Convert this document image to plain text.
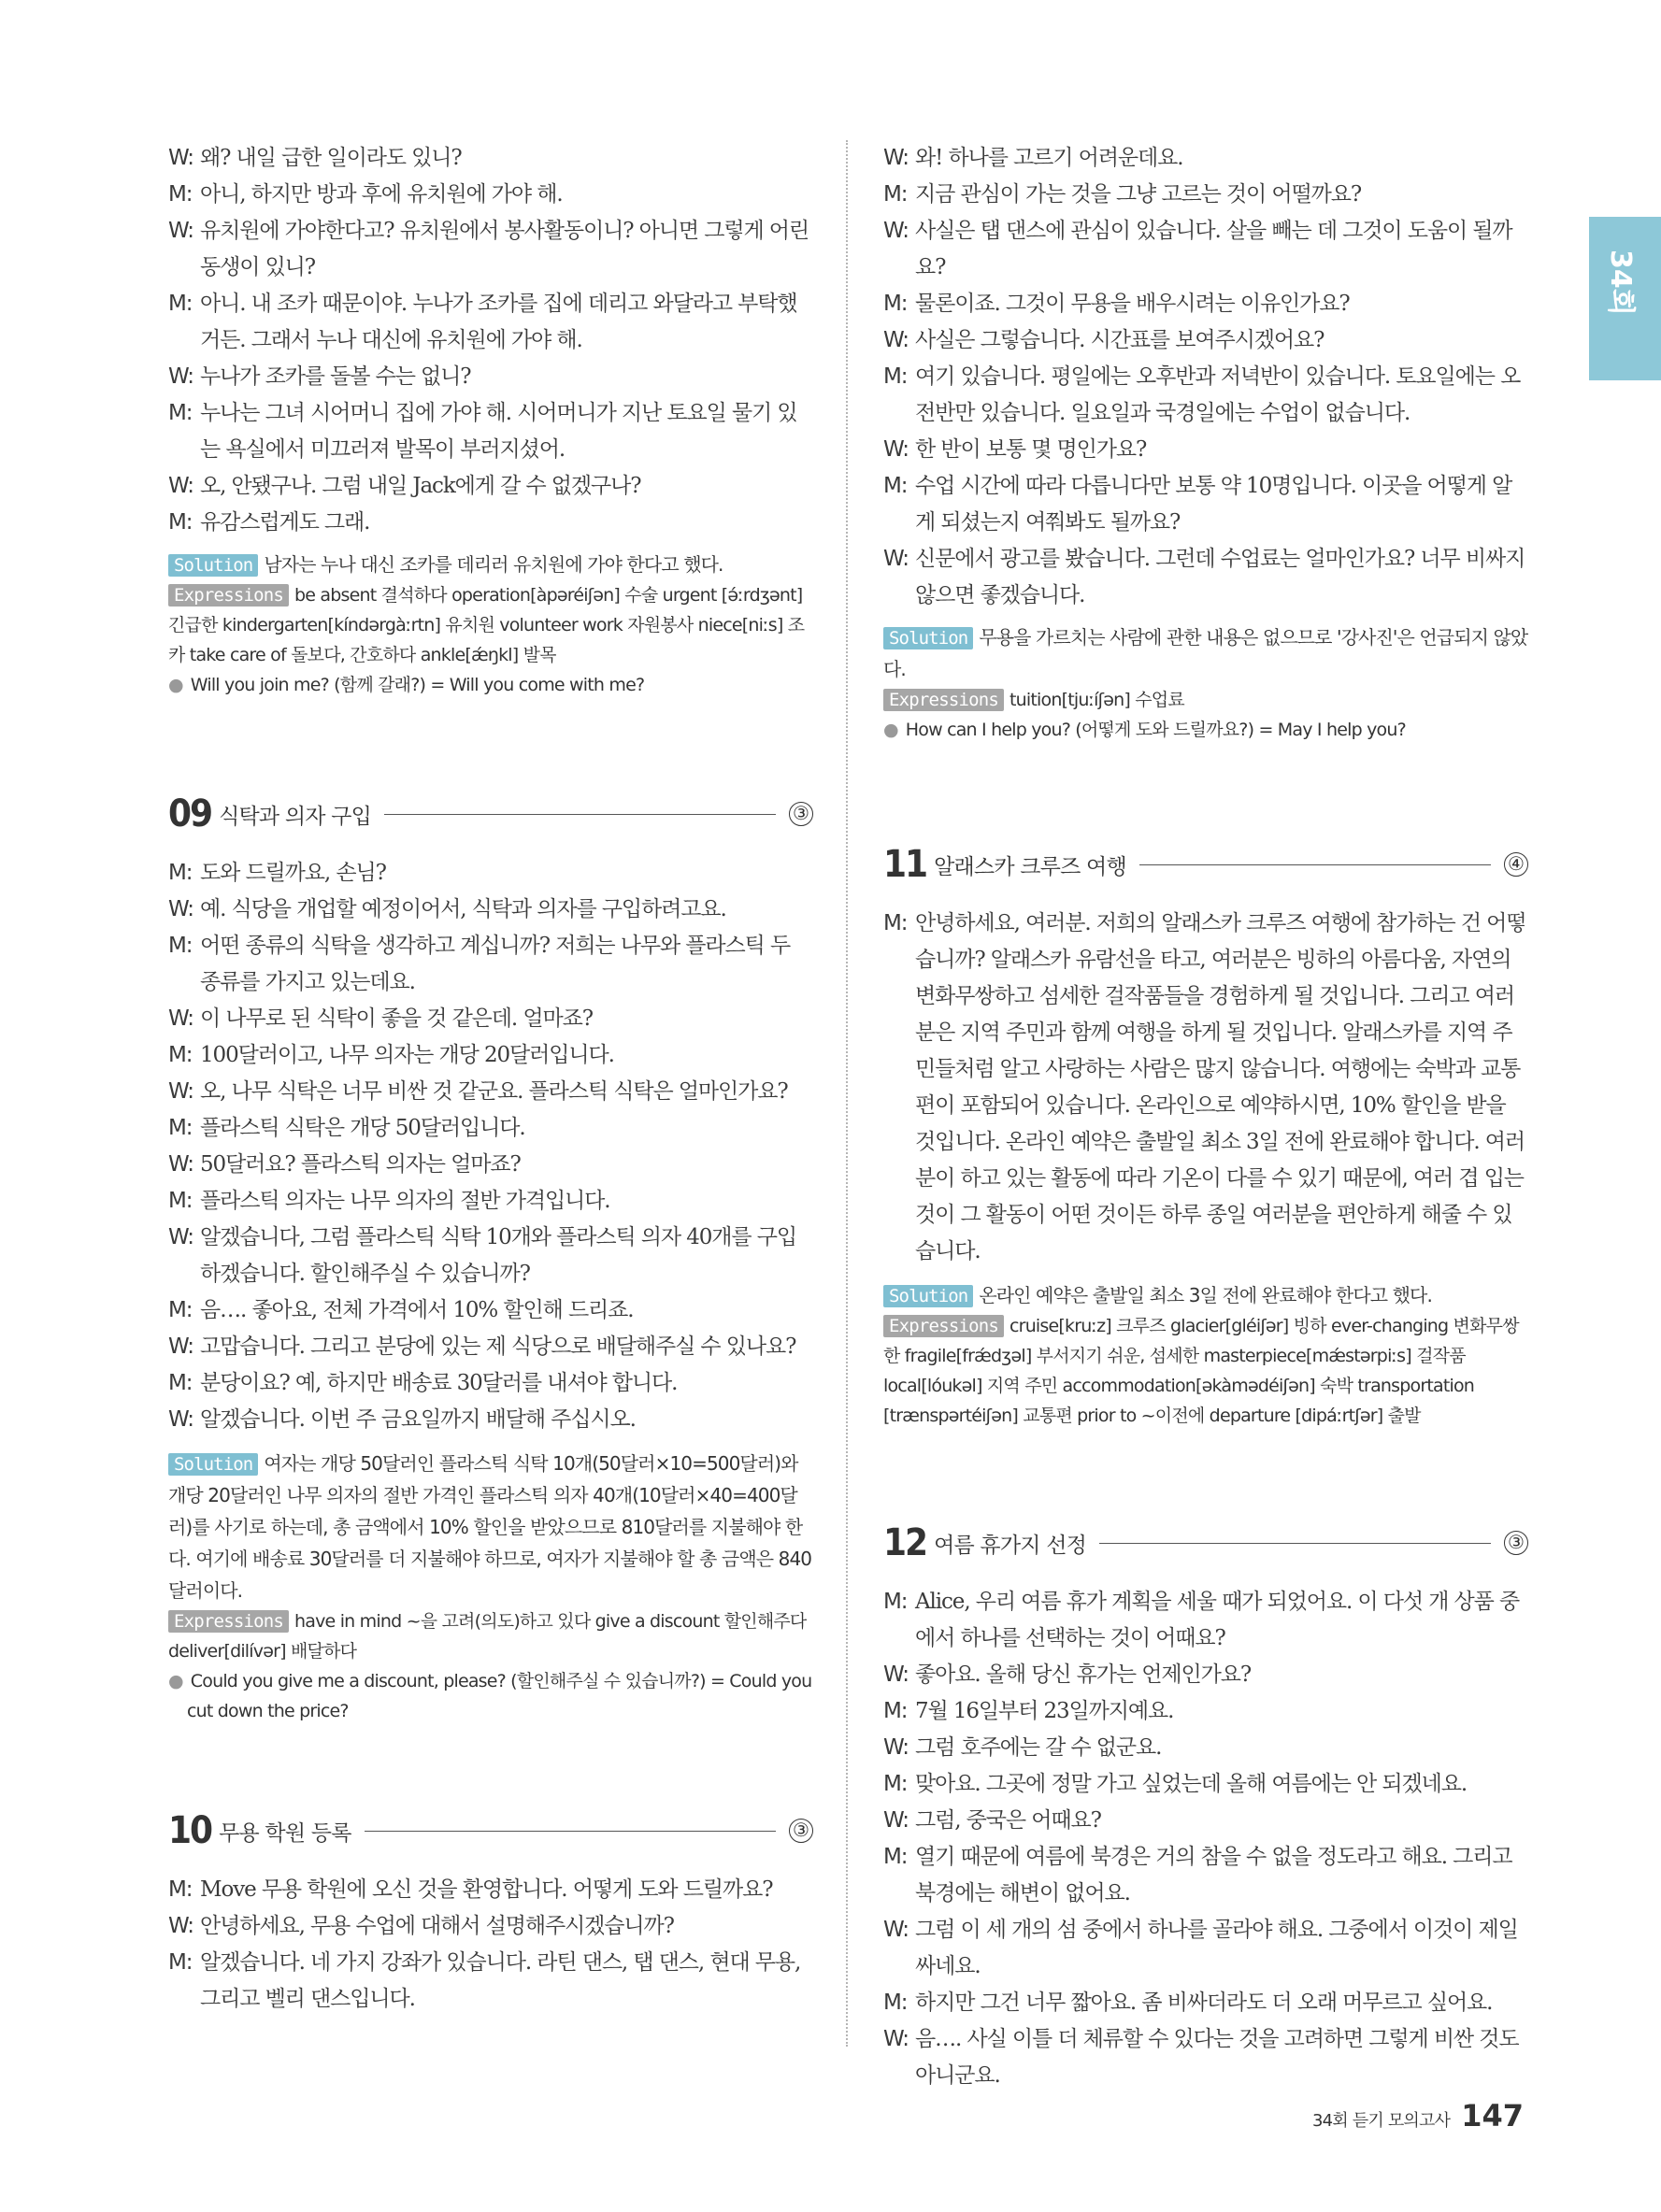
34회
W: 왜? 내일 급한 일이라도 있니?
M: 아니, 하지만 방과 후에 유치원에 가야 해.
W: 유치원에 가야한다고? 유치원에서 봉사활동이니? 아니면 그렇게 어린 동생이 있니?
M: 아니. 내 조카 때문이야. 누나가 조카를 집에 데리고 와달라고 부탁했거든. 그래서 누나 대신에 유치원에 가야 해.
W: 누나가 조카를 돌볼 수는 없니?
M: 누나는 그녀 시어머니 집에 가야 해. 시어머니가 지난 토요일 물기 있는 욕실에서 미끄러져 발목이 부러지셨어.
W: 오, 안됐구나. 그럼 내일 Jack에게 갈 수 없겠구나?
M: 유감스럽게도 그래.
Solution 남자는 누나 대신 조카를 데리러 유치원에 가야 한다고 했다.
Expressions be absent 결석하다 operation[àpəréiʃən] 수술 urgent [ə́ːrdʒənt] 긴급한 kindergarten[kíndərgàːrtn] 유치원 volunteer work 자원봉사 niece[niːs] 조카 take care of 돌보다, 간호하다 ankle[ǽŋkl] 발목
● Will you join me? (함께 갈래?) = Will you come with me?
09 식탁과 의자 구입	③
M: 도와 드릴까요, 손님?
W: 예. 식당을 개업할 예정이어서, 식탁과 의자를 구입하려고요.
M: 어떤 종류의 식탁을 생각하고 계십니까? 저희는 나무와 플라스틱 두 종류를 가지고 있는데요.
W: 이 나무로 된 식탁이 좋을 것 같은데. 얼마죠?
M: 100달러이고, 나무 의자는 개당 20달러입니다.
W: 오, 나무 식탁은 너무 비싼 것 같군요. 플라스틱 식탁은 얼마인가요?
M: 플라스틱 식탁은 개당 50달러입니다.
W: 50달러요? 플라스틱 의자는 얼마죠?
M: 플라스틱 의자는 나무 의자의 절반 가격입니다.
W: 알겠습니다, 그럼 플라스틱 식탁 10개와 플라스틱 의자 40개를 구입하겠습니다. 할인해주실 수 있습니까?
M: 음…. 좋아요, 전체 가격에서 10% 할인해 드리죠.
W: 고맙습니다. 그리고 분당에 있는 제 식당으로 배달해주실 수 있나요?
M: 분당이요? 예, 하지만 배송료 30달러를 내셔야 합니다.
W: 알겠습니다. 이번 주 금요일까지 배달해 주십시오.
Solution 여자는 개당 50달러인 플라스틱 식탁 10개(50달러×10=500달러)와 개당 20달러인 나무 의자의 절반 가격인 플라스틱 의자 40개(10달러×40=400달러)를 사기로 하는데, 총 금액에서 10% 할인을 받았으므로 810달러를 지불해야 한다. 여기에 배송료 30달러를 더 지불해야 하므로, 여자가 지불해야 할 총 금액은 840달러이다.
Expressions have in mind ~을 고려(의도)하고 있다 give a discount 할인해주다 deliver[dilívər] 배달하다
● Could you give me a discount, please? (할인해주실 수 있습니까?) = Could you cut down the price?
10 무용 학원 등록	③
M: Move 무용 학원에 오신 것을 환영합니다. 어떻게 도와 드릴까요?
W: 안녕하세요, 무용 수업에 대해서 설명해주시겠습니까?
M: 알겠습니다. 네 가지 강좌가 있습니다. 라틴 댄스, 탭 댄스, 현대 무용, 그리고 벨리 댄스입니다.
W: 와! 하나를 고르기 어려운데요.
M: 지금 관심이 가는 것을 그냥 고르는 것이 어떨까요?
W: 사실은 탭 댄스에 관심이 있습니다. 살을 빼는 데 그것이 도움이 될까요?
M: 물론이죠. 그것이 무용을 배우시려는 이유인가요?
W: 사실은 그렇습니다. 시간표를 보여주시겠어요?
M: 여기 있습니다. 평일에는 오후반과 저녁반이 있습니다. 토요일에는 오전반만 있습니다. 일요일과 국경일에는 수업이 없습니다.
W: 한 반이 보통 몇 명인가요?
M: 수업 시간에 따라 다릅니다만 보통 약 10명입니다. 이곳을 어떻게 알게 되셨는지 여쭤봐도 될까요?
W: 신문에서 광고를 봤습니다. 그런데 수업료는 얼마인가요? 너무 비싸지 않으면 좋겠습니다.
Solution 무용을 가르치는 사람에 관한 내용은 없으므로 '강사진'은 언급되지 않았다.
Expressions tuition[tjuːíʃən] 수업료
● How can I help you? (어떻게 도와 드릴까요?) = May I help you?
11 알래스카 크루즈 여행	④
M: 안녕하세요, 여러분. 저희의 알래스카 크루즈 여행에 참가하는 건 어떻습니까? 알래스카 유람선을 타고, 여러분은 빙하의 아름다움, 자연의 변화무쌍하고 섬세한 걸작품들을 경험하게 될 것입니다. 그리고 여러분은 지역 주민과 함께 여행을 하게 될 것입니다. 알래스카를 지역 주민들처럼 알고 사랑하는 사람은 많지 않습니다. 여행에는 숙박과 교통편이 포함되어 있습니다. 온라인으로 예약하시면, 10% 할인을 받을 것입니다. 온라인 예약은 출발일 최소 3일 전에 완료해야 합니다. 여러분이 하고 있는 활동에 따라 기온이 다를 수 있기 때문에, 여러 겹 입는 것이 그 활동이 어떤 것이든 하루 종일 여러분을 편안하게 해줄 수 있습니다.
Solution 온라인 예약은 출발일 최소 3일 전에 완료해야 한다고 했다.
Expressions cruise[kruːz] 크루즈 glacier[gléiʃər] 빙하 ever-changing 변화무쌍한 fragile[frǽdʒəl] 부서지기 쉬운, 섬세한 masterpiece[mǽstərpiːs] 걸작품 local[lóukəl] 지역 주민 accommodation[əkàmədéiʃən] 숙박 transportation [trӕnspərtéiʃən] 교통편 prior to ~이전에 departure [dipáːrtʃər] 출발
12 여름 휴가지 선정	③
M: Alice, 우리 여름 휴가 계획을 세울 때가 되었어요. 이 다섯 개 상품 중에서 하나를 선택하는 것이 어때요?
W: 좋아요. 올해 당신 휴가는 언제인가요?
M: 7월 16일부터 23일까지예요.
W: 그럼 호주에는 갈 수 없군요.
M: 맞아요. 그곳에 정말 가고 싶었는데 올해 여름에는 안 되겠네요.
W: 그럼, 중국은 어때요?
M: 열기 때문에 여름에 북경은 거의 참을 수 없을 정도라고 해요. 그리고 북경에는 해변이 없어요.
W: 그럼 이 세 개의 섬 중에서 하나를 골라야 해요. 그중에서 이것이 제일 싸네요.
M: 하지만 그건 너무 짧아요. 좀 비싸더라도 더 오래 머무르고 싶어요.
W: 음…. 사실 이틀 더 체류할 수 있다는 것을 고려하면 그렇게 비싼 것도 아니군요.
34회 듣기 모의고사 147
